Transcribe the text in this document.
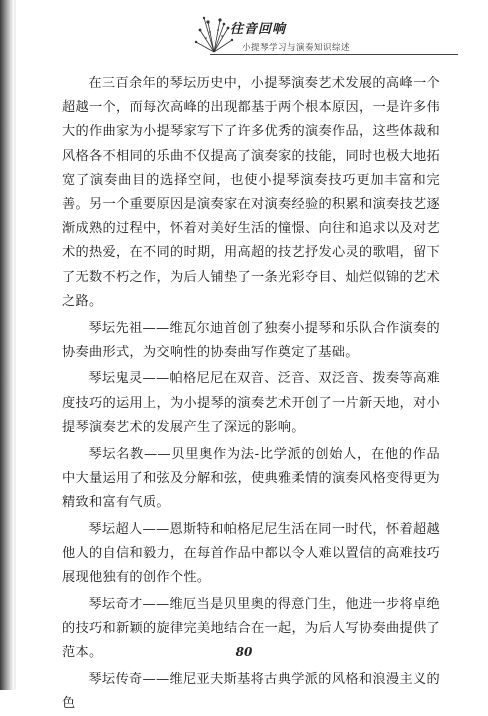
往音回响
小提琴学习与演奏知识综述

在三百余年的琴坛历史中，小提琴演奏艺术发展的高峰一个超越一个，而每次高峰的出现都基于两个根本原因，一是许多伟大的作曲家为小提琴家写下了许多优秀的演奏作品，这些体裁和风格各不相同的乐曲不仅提高了演奏家的技能，同时也极大地拓宽了演奏曲目的选择空间，也使小提琴演奏技巧更加丰富和完善。另一个重要原因是演奏家在对演奏经验的积累和演奏技艺逐渐成熟的过程中，怀着对美好生活的憧憬、向往和追求以及对艺术的热爱，在不同的时期，用高超的技艺抒发心灵的歌唱，留下了无数不朽之作，为后人铺垫了一条光彩夺目、灿烂似锦的艺术之路。

琴坛先祖——维瓦尔迪首创了独奏小提琴和乐队合作演奏的协奏曲形式，为交响性的协奏曲写作奠定了基础。

琴坛鬼灵——帕格尼尼在双音、泛音、双泛音、拨奏等高难度技巧的运用上，为小提琴的演奏艺术开创了一片新天地，对小提琴演奏艺术的发展产生了深远的影响。

琴坛名教——贝里奥作为法-比学派的创始人，在他的作品中大量运用了和弦及分解和弦，使典雅柔情的演奏风格变得更为精致和富有气质。

琴坛超人——恩斯特和帕格尼尼生活在同一时代，怀着超越他人的自信和毅力，在每首作品中都以令人难以置信的高难技巧展现他独有的创作个性。

琴坛奇才——维厄当是贝里奥的得意门生，他进一步将卓绝的技巧和新颖的旋律完美地结合在一起，为后人写协奏曲提供了范本。

琴坛传奇——维尼亚夫斯基将古典学派的风格和浪漫主义的色

80
